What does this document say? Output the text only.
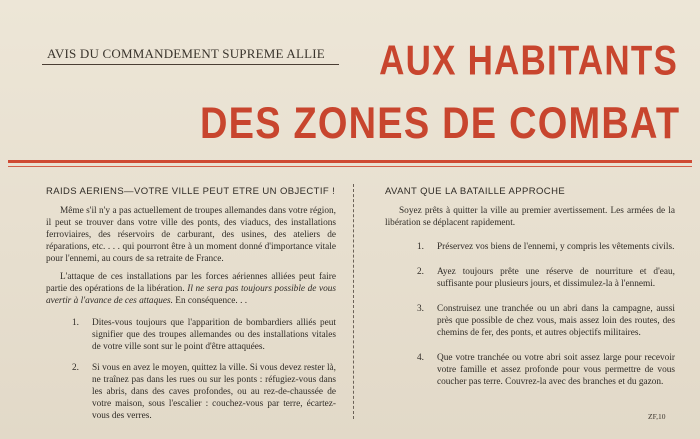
AVIS DU COMMANDEMENT SUPREME ALLIE	AUX HABITANTS
DES ZONES DE COMBAT
RAIDS AERIENS—VOTRE VILLE PEUT ETRE UN OBJECTIF !
Même s'il n'y a pas actuellement de troupes allemandes dans votre région, il peut se trouver dans votre ville des ponts, des viaducs, des installations ferroviaires, des réservoirs de carburant, des usines, des ateliers de réparations, etc. . . . qui pourront être à un moment donné d'importance vitale pour l'ennemi, au cours de sa retraite de France.
L'attaque de ces installations par les forces aériennes alliées peut faire partie des opérations de la libération. Il ne sera pas toujours possible de vous avertir à l'avance de ces attaques. En conséquence. . .
1.	Dites-vous toujours que l'apparition de bombardiers alliés peut signifier que des troupes allemandes ou des installations vitales de votre ville sont sur le point d'être attaquées.
2.	Si vous en avez le moyen, quittez la ville. Si vous devez rester là, ne traînez pas dans les rues ou sur les ponts : réfugiez-vous dans les abris, dans des caves profondes, ou au rez-de-chaussée de votre maison, sous l'escalier : couchez-vous par terre, écartez-vous des verres.
AVANT QUE LA BATAILLE APPROCHE
Soyez prêts à quitter la ville au premier avertissement. Les armées de la libération se déplacent rapidement.
1.	Préservez vos biens de l'ennemi, y compris les vêtements civils.
2.	Ayez toujours prête une réserve de nourriture et d'eau, suffisante pour plusieurs jours, et dissimulez-la à l'ennemi.
3.	Construisez une tranchée ou un abri dans la campagne, aussi près que possible de chez vous, mais assez loin des routes, des chemins de fer, des ponts, et autres objectifs militaires.
4.	Que votre tranchée ou votre abri soit assez large pour recevoir votre famille et assez profonde pour vous permettre de vous coucher pas terre. Couvrez-la avec des branches et du gazon.
ZF,10
